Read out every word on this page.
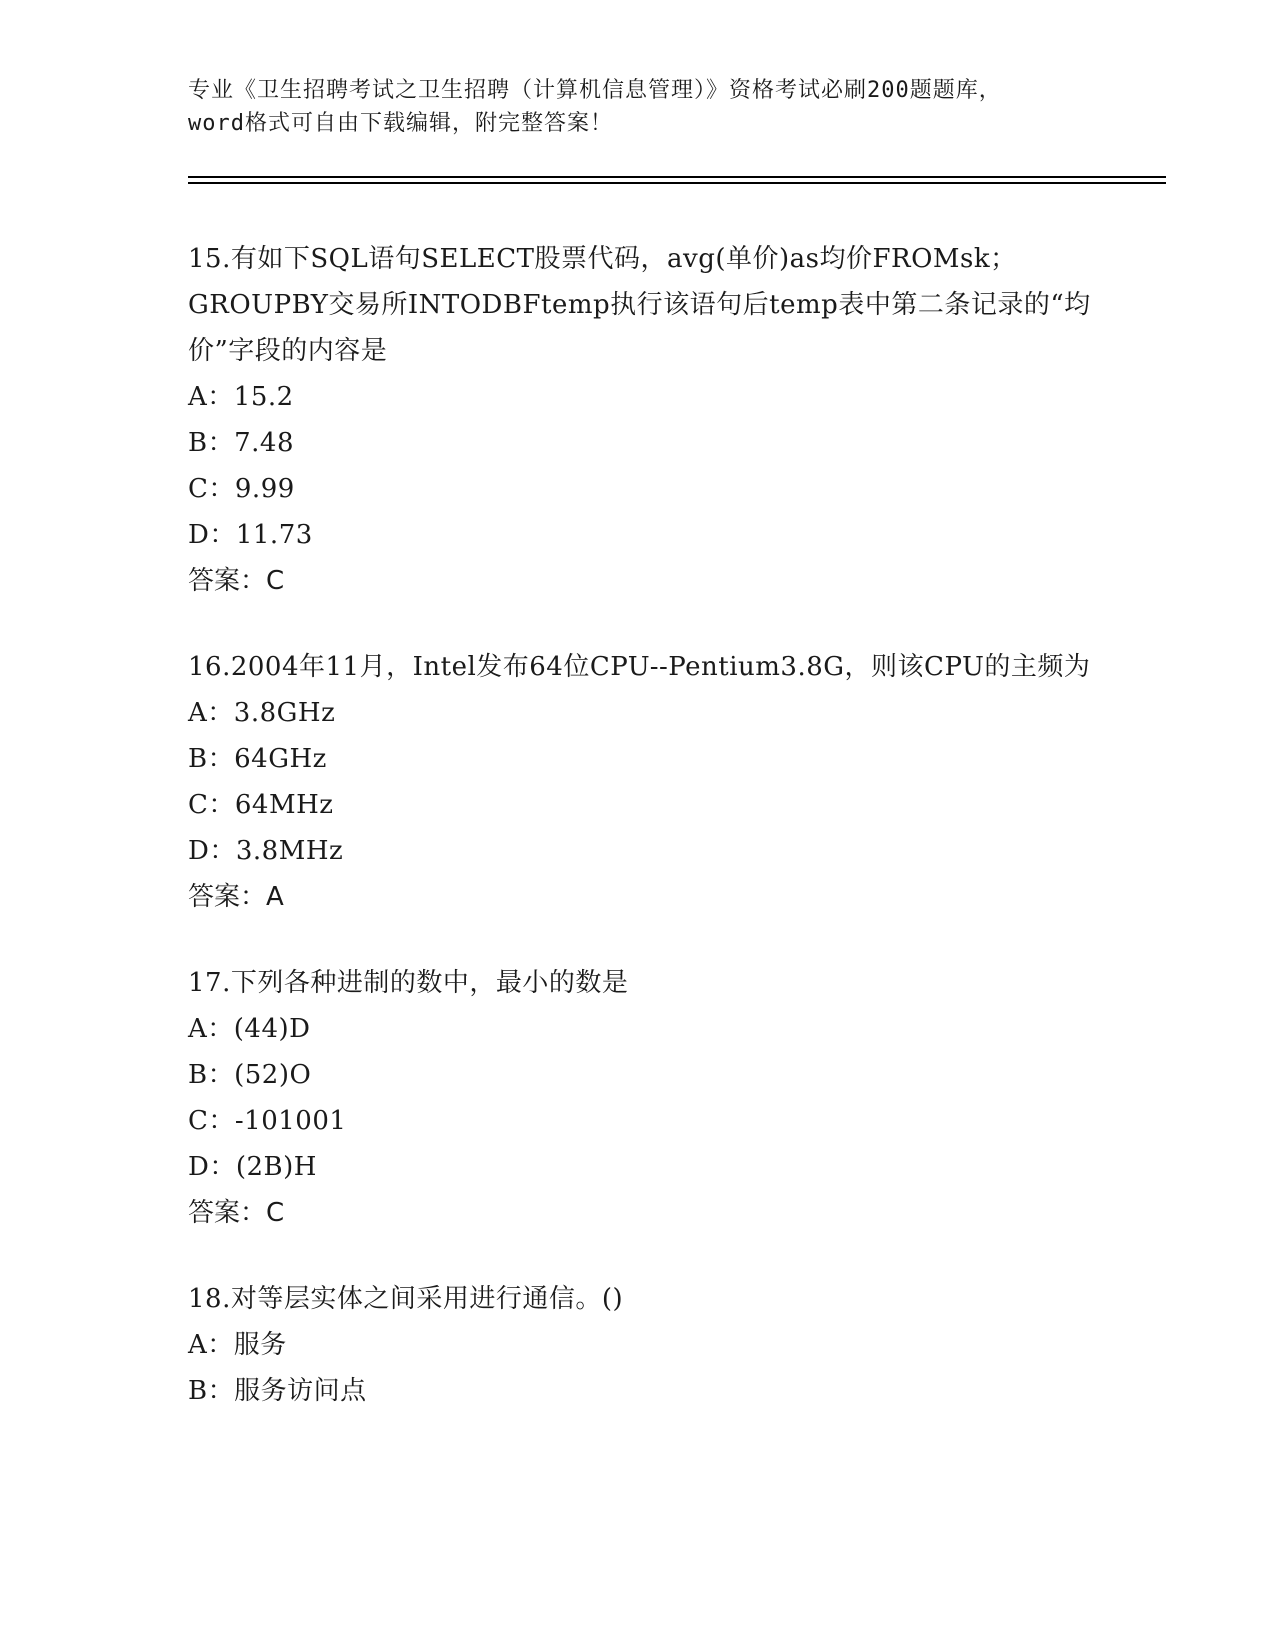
专业《卫生招聘考试之卫生招聘（计算机信息管理）》资格考试必刷200题题库，
word格式可自由下载编辑，附完整答案！

15.有如下SQL语句SELECT股票代码，avg(单价)as均价FROMsk；GROUPBY交易所INTODBFtemp执行该语句后temp表中第二条记录的“均价”字段的内容是

A：15.2

B：7.48

C：9.99

D：11.73

答案：C

16.2004年11月，Intel发布64位CPU--Pentium3.8G，则该CPU的主频为

A：3.8GHz

B：64GHz

C：64MHz

D：3.8MHz

答案：A

17.下列各种进制的数中，最小的数是

A：(44)D

B：(52)O

C：-101001

D：(2B)H

答案：C

18.对等层实体之间采用进行通信。()

A：服务

B：服务访问点
